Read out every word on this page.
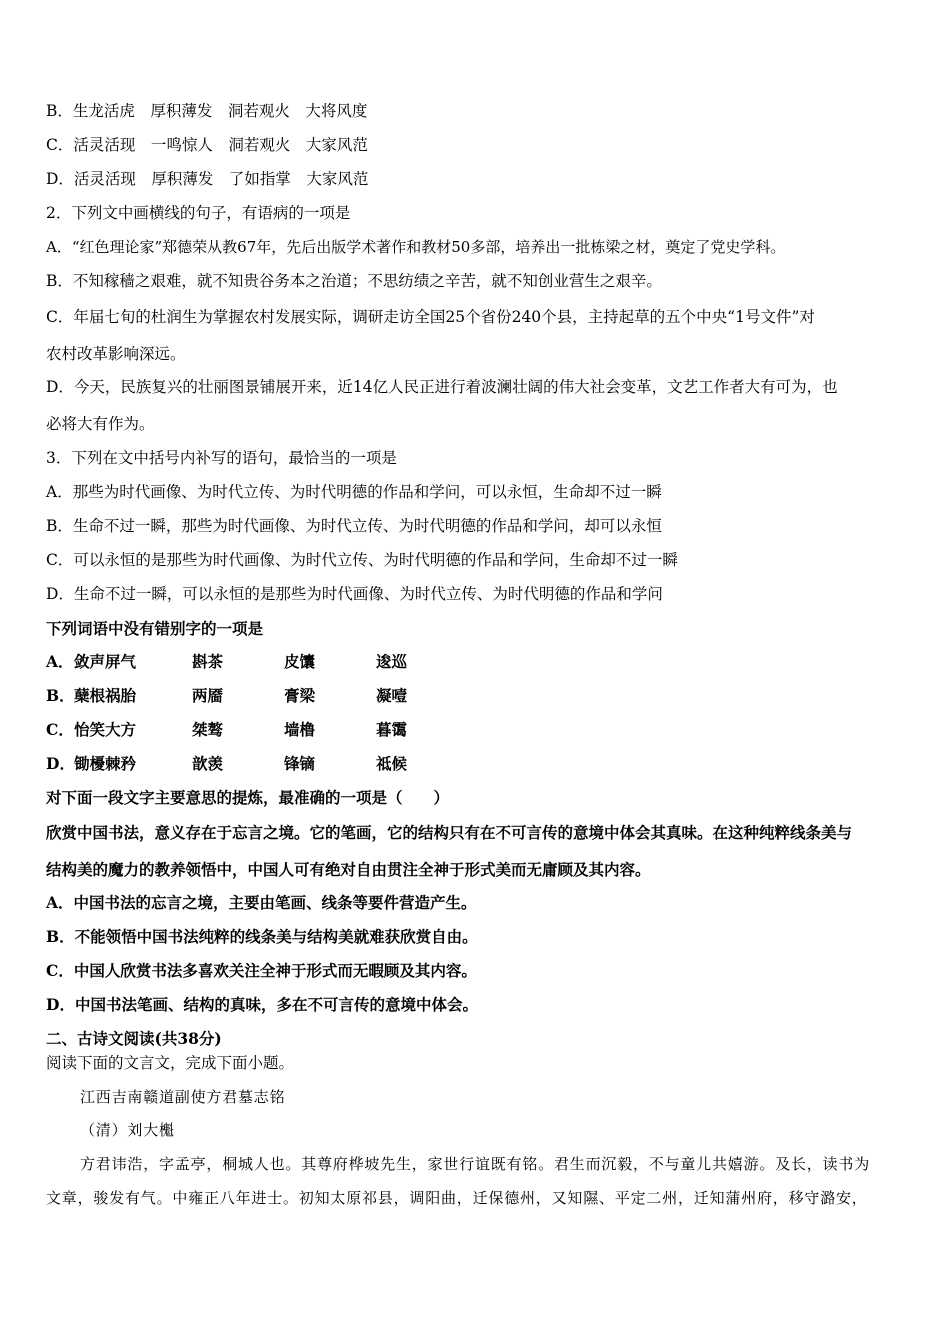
B．生龙活虎　厚积薄发　洞若观火　大将风度
C．活灵活现　一鸣惊人　洞若观火　大家风范
D．活灵活现　厚积薄发　了如指掌　大家风范
2．下列文中画横线的句子，有语病的一项是
A．“红色理论家”郑德荣从教67年，先后出版学术著作和教材50多部，培养出一批栋梁之材，奠定了党史学科。
B．不知稼穑之艰难，就不知贵谷务本之治道；不思纺绩之辛苦，就不知创业营生之艰辛。
C．年届七旬的杜润生为掌握农村发展实际，调研走访全国25个省份240个县，主持起草的五个中央“1号文件”对
农村改革影响深远。
D．今天，民族复兴的壮丽图景铺展开来，近14亿人民正进行着波澜壮阔的伟大社会变革，文艺工作者大有可为，也
必将大有作为。
3．下列在文中括号内补写的语句，最恰当的一项是
A．那些为时代画像、为时代立传、为时代明德的作品和学问，可以永恒，生命却不过一瞬
B．生命不过一瞬，那些为时代画像、为时代立传、为时代明德的作品和学问，却可以永恒
C．可以永恒的是那些为时代画像、为时代立传、为时代明德的作品和学问，生命却不过一瞬
D．生命不过一瞬，可以永恒的是那些为时代画像、为时代立传、为时代明德的作品和学问
下列词语中没有错别字的一项是
A． 敛声屏气	斟茶	皮馕	逡巡
B． 蘖根祸胎	两靥	膏梁	凝噎
C． 怡笑大方	桀骜	墙橹	暮霭
D． 锄櫌棘矜	歆羡	锋镝	祗候
对下面一段文字主要意思的提炼，最准确的一项是（　　）
欣赏中国书法，意义存在于忘言之境。它的笔画，它的结构只有在不可言传的意境中体会其真味。在这种纯粹线条美与
结构美的魔力的教养领悟中，中国人可有绝对自由贯注全神于形式美而无庸顾及其内容。
A．中国书法的忘言之境，主要由笔画、线条等要件营造产生。
B．不能领悟中国书法纯粹的线条美与结构美就难获欣赏自由。
C．中国人欣赏书法多喜欢关注全神于形式而无暇顾及其内容。
D．中国书法笔画、结构的真味，多在不可言传的意境中体会。
二、古诗文阅读(共38分)
阅读下面的文言文，完成下面小题。
江西吉南赣道副使方君墓志铭
（清）刘大櫆
方君讳浩，字孟亭，桐城人也。其尊府桦坡先生，家世行谊既有铭。君生而沉毅，不与童儿共嬉游。及长，读书为
文章，骏发有气。中雍正八年进士。初知太原祁县，调阳曲，迁保德州，又知隰、平定二州，迁知蒲州府，移守潞安，
